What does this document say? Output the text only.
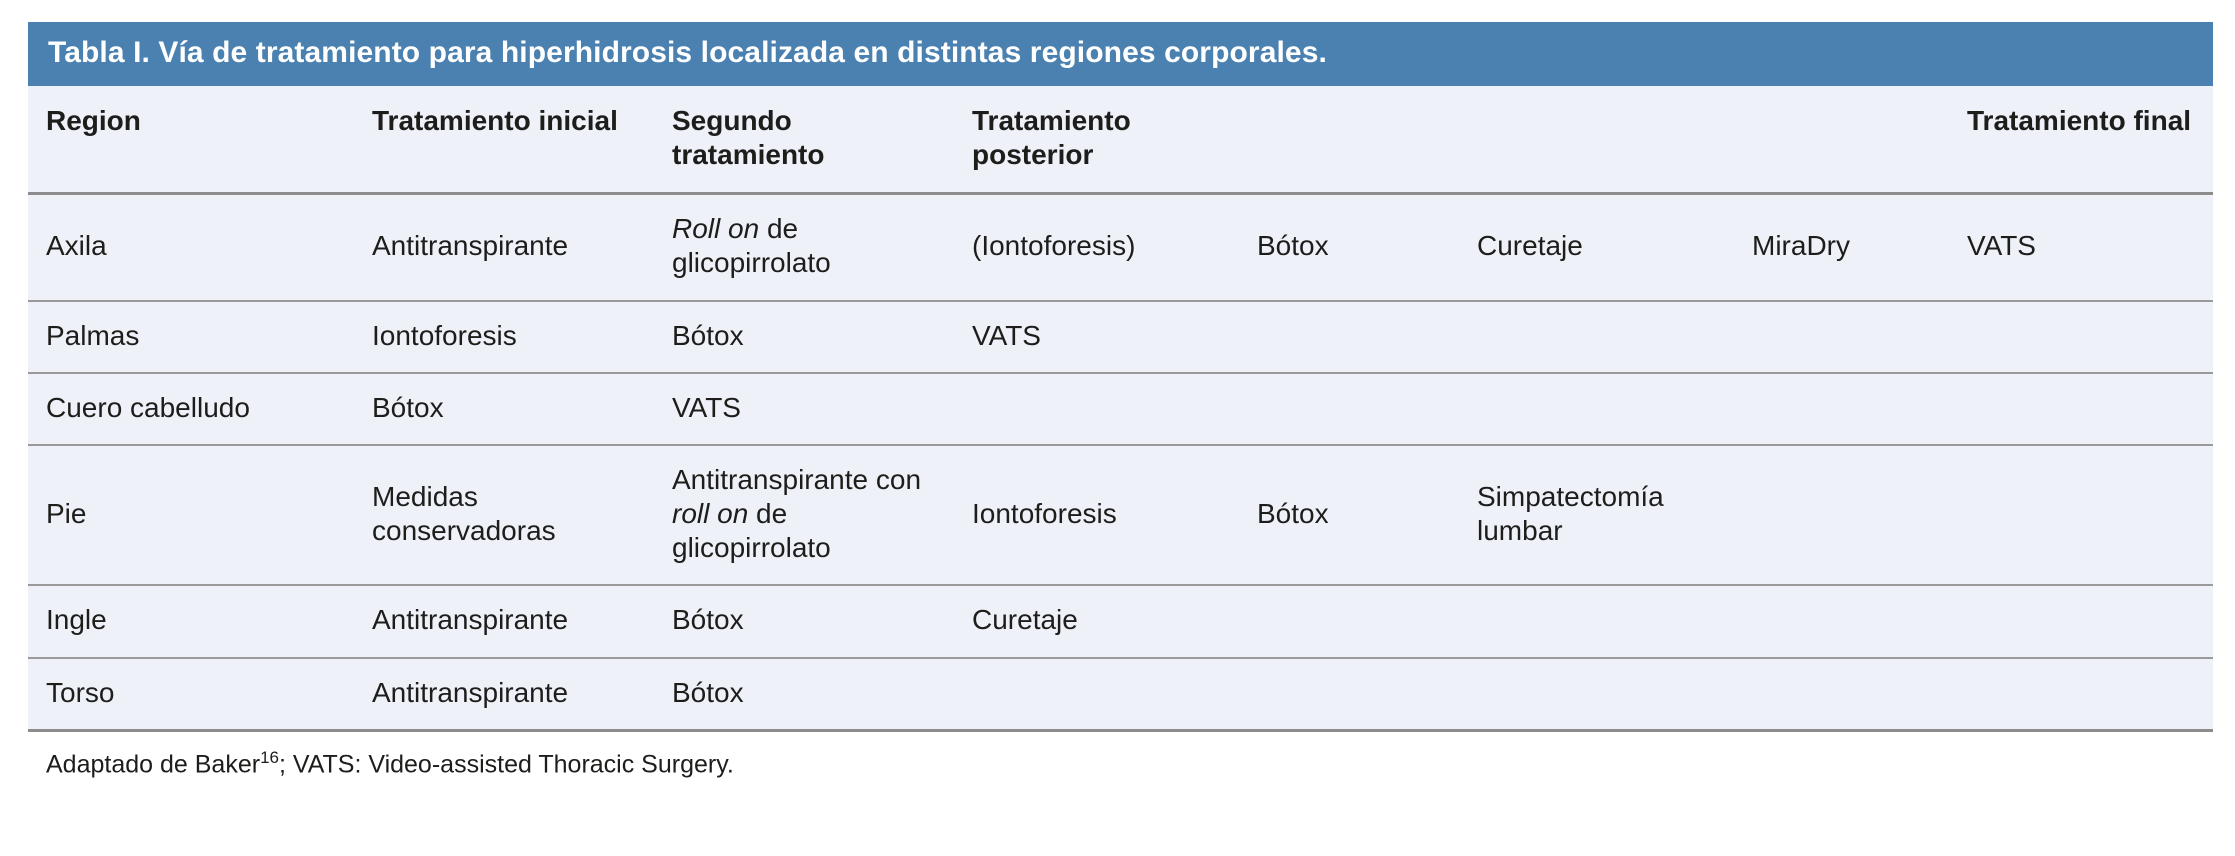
Tabla I. Vía de tratamiento para hiperhidrosis localizada en distintas regiones corporales.
Region	Tratamiento inicial	Segundo tratamiento	Tratamiento posterior				Tratamiento final
Axila	Antitranspirante	Roll on de glicopirrolato	(Iontoforesis)	Bótox	Curetaje	MiraDry	VATS
Palmas	Iontoforesis	Bótox	VATS				
Cuero cabelludo	Bótox	VATS					
Pie	Medidas conservadoras	Antitranspirante con roll on de glicopirrolato	Iontoforesis	Bótox	Simpatectomía lumbar		
Ingle	Antitranspirante	Bótox	Curetaje				
Torso	Antitranspirante	Bótox					
Adaptado de Baker$^{16}$; VATS: Video-assisted Thoracic Surgery.
